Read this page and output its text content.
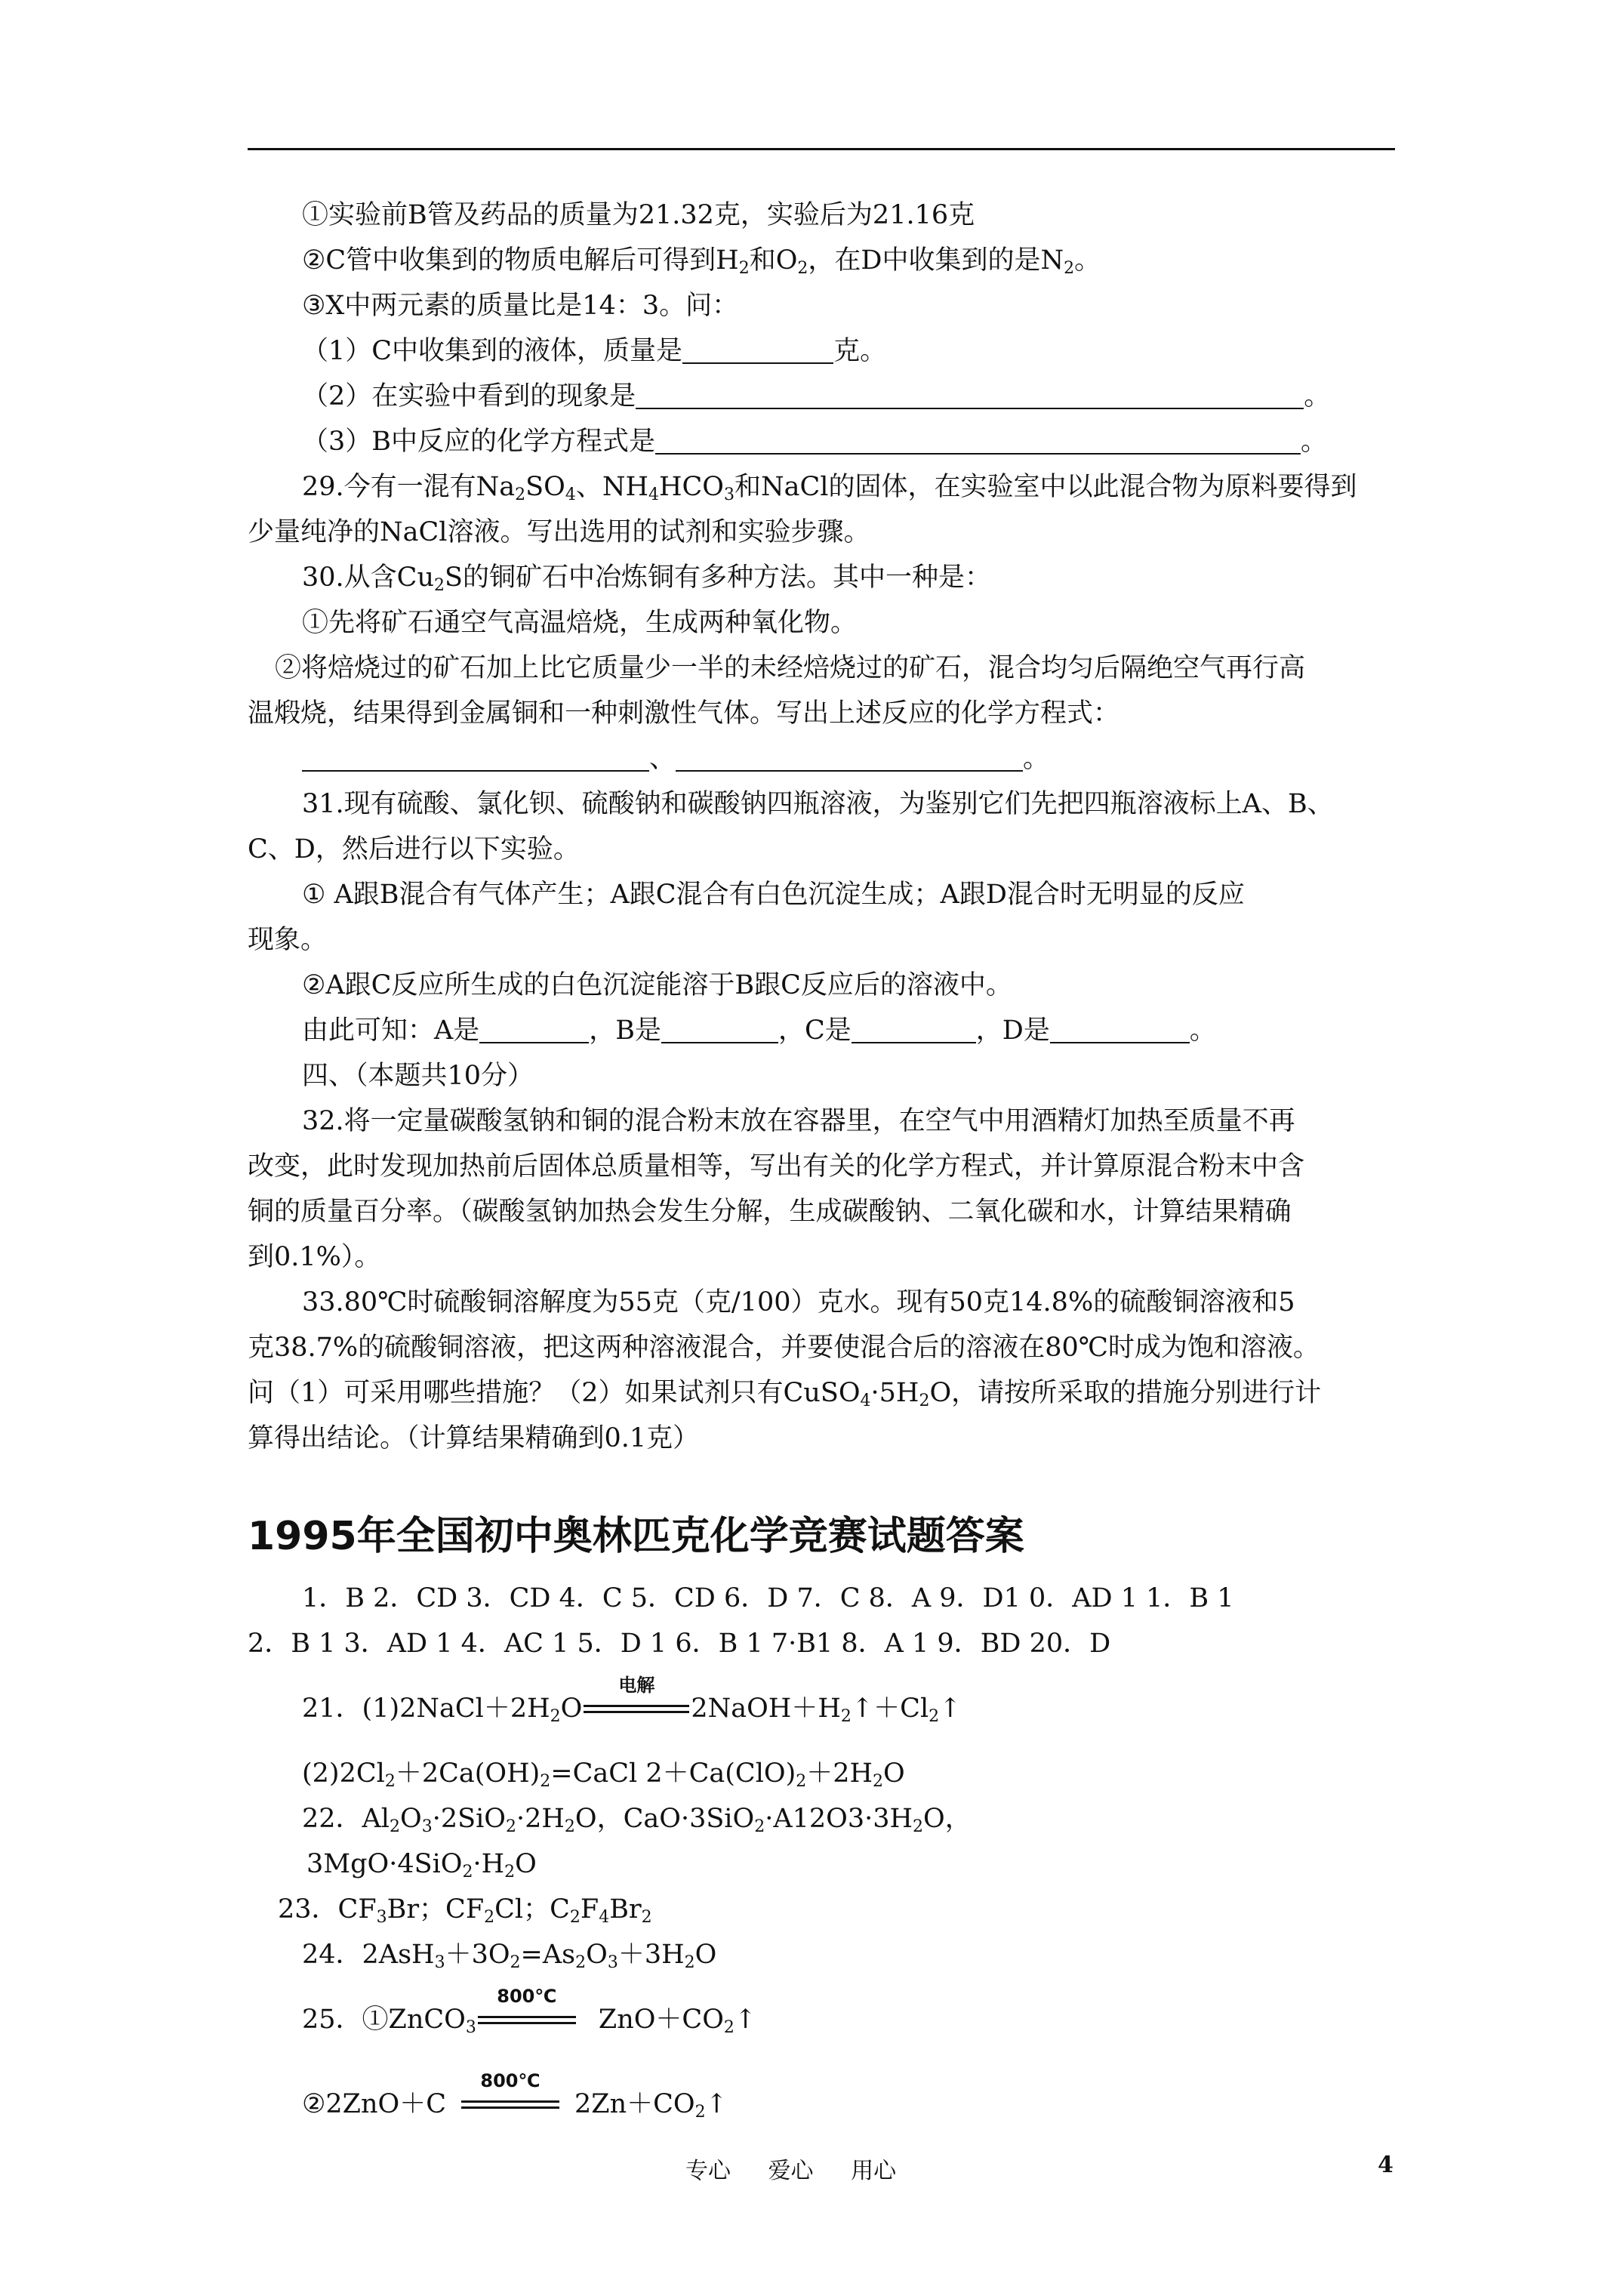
①实验前B管及药品的质量为21.32克，实验后为21.16克
②C管中收集到的物质电解后可得到$H_2$和$O_2$，在D中收集到的是$N_2$。
③X中两元素的质量比是14：3。问：
（1）C中收集到的液体，质量是	克。
（2）在实验中看到的现象是	。
（3）B中反应的化学方程式是	。
29.今有一混有$Na_2SO_4$、$NH_4HCO_3$和NaCl的固体，在实验室中以此混合物为原料要得到
少量纯净的NaCl溶液。写出选用的试剂和实验步骤。
30.从含$Cu_2S$的铜矿石中冶炼铜有多种方法。其中一种是：
①先将矿石通空气高温焙烧，生成两种氧化物。
②将焙烧过的矿石加上比它质量少一半的未经焙烧过的矿石，混合均匀后隔绝空气再行高
温煅烧，结果得到金属铜和一种刺激性气体。写出上述反应的化学方程式：
、	。
31.现有硫酸、氯化钡、硫酸钠和碳酸钠四瓶溶液，为鉴别它们先把四瓶溶液标上A、B、
C、D，然后进行以下实验。
① A跟B混合有气体产生；A跟C混合有白色沉淀生成；A跟D混合时无明显的反应
现象。
②A跟C反应所生成的白色沉淀能溶于B跟C反应后的溶液中。
由此可知：A是	，B是	，C是	，D是	。
四、（本题共10分）
32.将一定量碳酸氢钠和铜的混合粉末放在容器里，在空气中用酒精灯加热至质量不再
改变，此时发现加热前后固体总质量相等，写出有关的化学方程式，并计算原混合粉末中含
铜的质量百分率。（碳酸氢钠加热会发生分解，生成碳酸钠、二氧化碳和水，计算结果精确
到0.1%）。
33.80℃时硫酸铜溶解度为55克（克/100）克水。现有50克14.8%的硫酸铜溶液和5
克38.7%的硫酸铜溶液，把这两种溶液混合，并要使混合后的溶液在80℃时成为饱和溶液。
问（1）可采用哪些措施？（2）如果试剂只有$CuSO_4\cdot 5H_2O$，请按所采取的措施分别进行计
算得出结论。（计算结果精确到0.1克）
1995年全国初中奥林匹克化学竞赛试题答案
1．B 2．CD 3．CD 4．C 5．CD 6．D 7．C 8．A 9．D1 0．AD 1 1．B 1
2．B 1 3．AD 1 4．AC 1 5．D 1 6．B 1 7·B1 8．A 1 9．BD 20．D
21．$(1)2NaCl+2H_2O$
电解
$2NaOH+H_2↑+Cl_2↑$
$(2)2Cl_2+2Ca(OH)_2=CaCl$ $2+Ca(ClO)_2+2H_2O$
22．$Al_2O_3\cdot 2SiO_2\cdot 2H_2O$，$CaO\cdot 3SiO_2\cdot A12O3\cdot 3H_2O$，
$3MgO\cdot 4SiO_2\cdot H_2O$
23．$CF_3Br$；$CF_2Cl$；$C_2F_4Br_2$
24．$2AsH_3+3O_2=As_2O_3+3H_2O$
25．①ZnCO$_3$
800℃
$ZnO+CO_2↑$
②2ZnO＋C
800℃
$2Zn+CO_2↑$
专心 爱心 用心	4
